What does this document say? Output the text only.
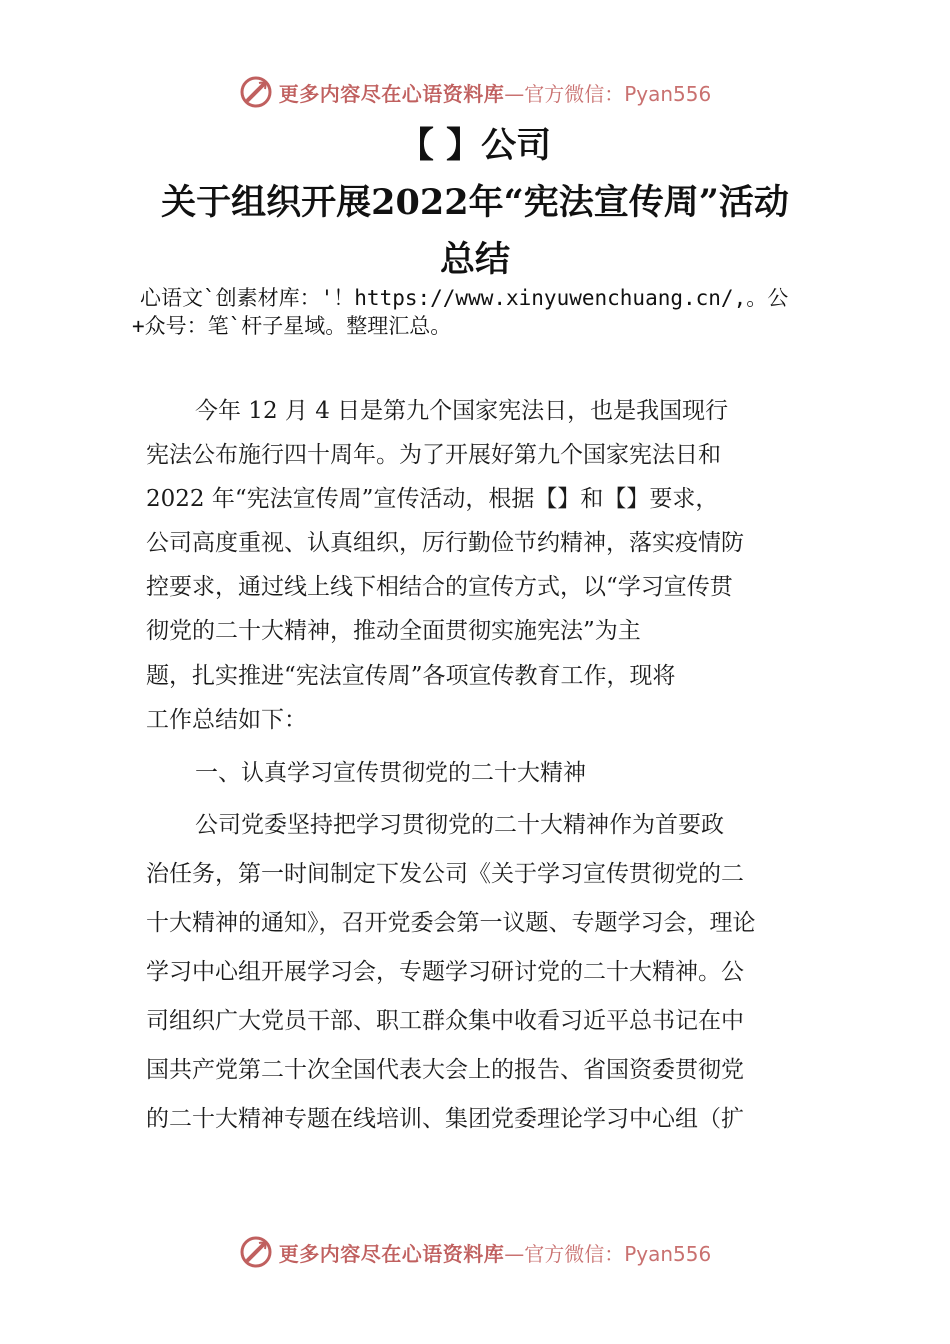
更多内容尽在心语资料库 —官方微信：Pyan556
【 】公司
关于组织开展2022年“宪法宣传周”活动
总结
心语文`创素材库：'！https://www.xinyuwenchuang.cn/,。公
+众号：笔`杆子星域。整理汇总。
今年 12 月 4 日是第九个国家宪法日，也是我国现行
宪法公布施行四十周年。为了开展好第九个国家宪法日和
2022 年“宪法宣传周”宣传活动，根据【】和【】要求，
公司高度重视、认真组织，厉行勤俭节约精神，落实疫情防
控要求，通过线上线下相结合的宣传方式，以“学习宣传贯
彻党的二十大精神，推动全面贯彻实施宪法”为主
题，扎实推进“宪法宣传周”各项宣传教育工作，现将
工作总结如下：
一、认真学习宣传贯彻党的二十大精神
公司党委坚持把学习贯彻党的二十大精神作为首要政
治任务，第一时间制定下发公司《关于学习宣传贯彻党的二
十大精神的通知》，召开党委会第一议题、专题学习会，理论
学习中心组开展学习会，专题学习研讨党的二十大精神。公
司组织广大党员干部、职工群众集中收看习近平总书记在中
国共产党第二十次全国代表大会上的报告、省国资委贯彻党
的二十大精神专题在线培训、集团党委理论学习中心组（扩
更多内容尽在心语资料库 —官方微信：Pyan556
